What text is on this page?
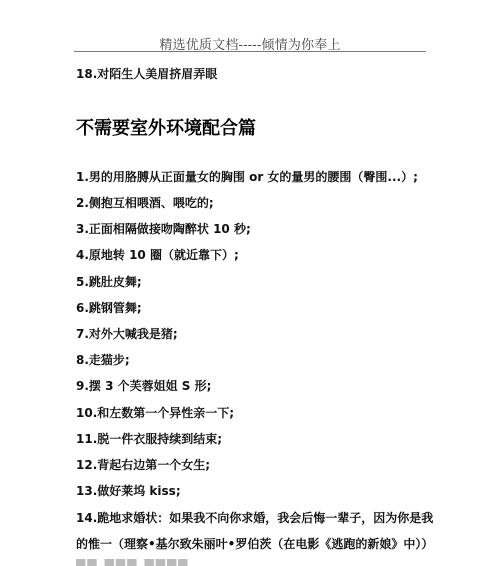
精选优质文档-----倾情为你奉上
18.对陌生人美眉挤眉弄眼
不需要室外环境配合篇
1.男的用胳膊从正面量女的胸围 or 女的量男的腰围（臀围...）;
2.侧抱互相喂酒、喂吃的;
3.正面相隔做接吻陶醉状 10 秒;
4.原地转 10 圈（就近靠下）;
5.跳肚皮舞;
6.跳钢管舞;
7.对外大喊我是猪;
8.走猫步;
9.摆 3 个芙蓉姐姐 S 形;
10.和左数第一个异性亲一下;
11.脱一件衣服持续到结束;
12.背起右边第一个女生;
13.做好莱坞 kiss;
14.跪地求婚状：如果我不向你求婚，我会后悔一辈子，因为你是我
的惟一（理察•基尔致朱丽叶•罗伯茨（在电影《逃跑的新娘》中））
▀▀ ▀▀▀ ▀▀▀▀
